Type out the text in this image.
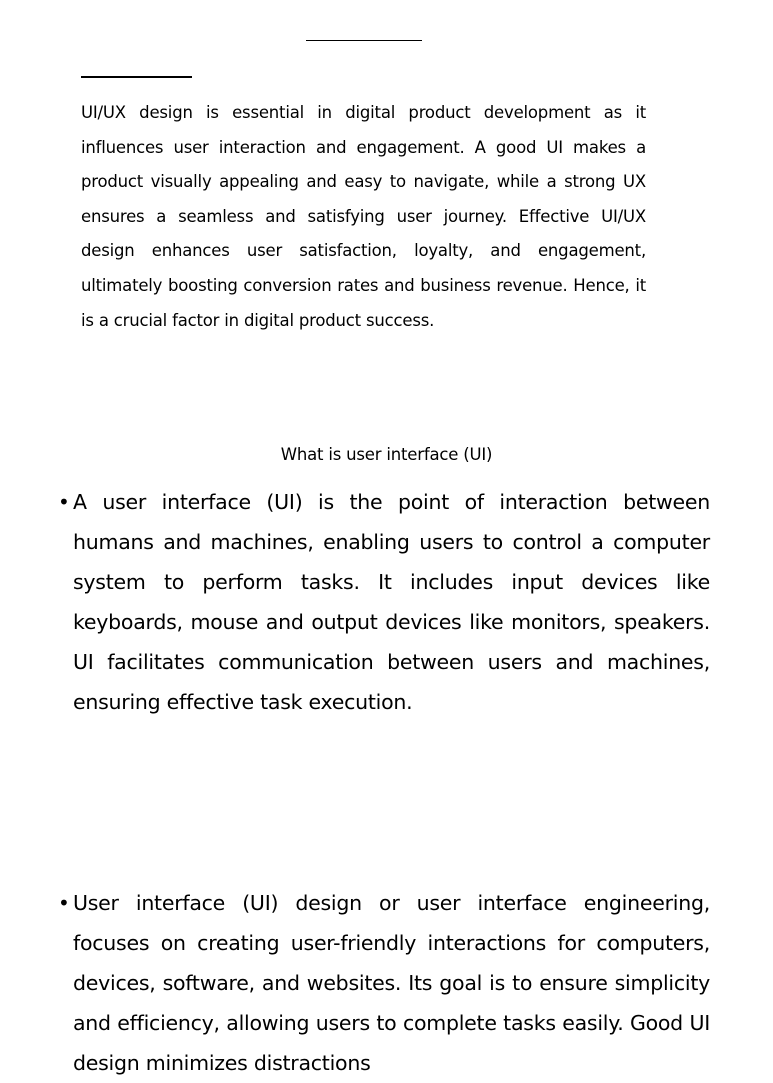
UI/UX design is essential in digital product development as it influences user interaction and engagement. A good UI makes a product visually appealing and easy to navigate, while a strong UX ensures a seamless and satisfying user journey. Effective UI/UX design enhances user satisfaction, loyalty, and engagement, ultimately boosting conversion rates and business revenue. Hence, it is a crucial factor in digital product success.

What is user interface (UI)

• A user interface (UI) is the point of interaction between humans and machines, enabling users to control a computer system to perform tasks. It includes input devices like keyboards, mouse and output devices like monitors, speakers. UI facilitates communication between users and machines, ensuring effective task execution.

• User interface (UI) design or user interface engineering, focuses on creating user-friendly interactions for computers, devices, software, and websites. Its goal is to ensure simplicity and efficiency, allowing users to complete tasks easily. Good UI design minimizes distractions
